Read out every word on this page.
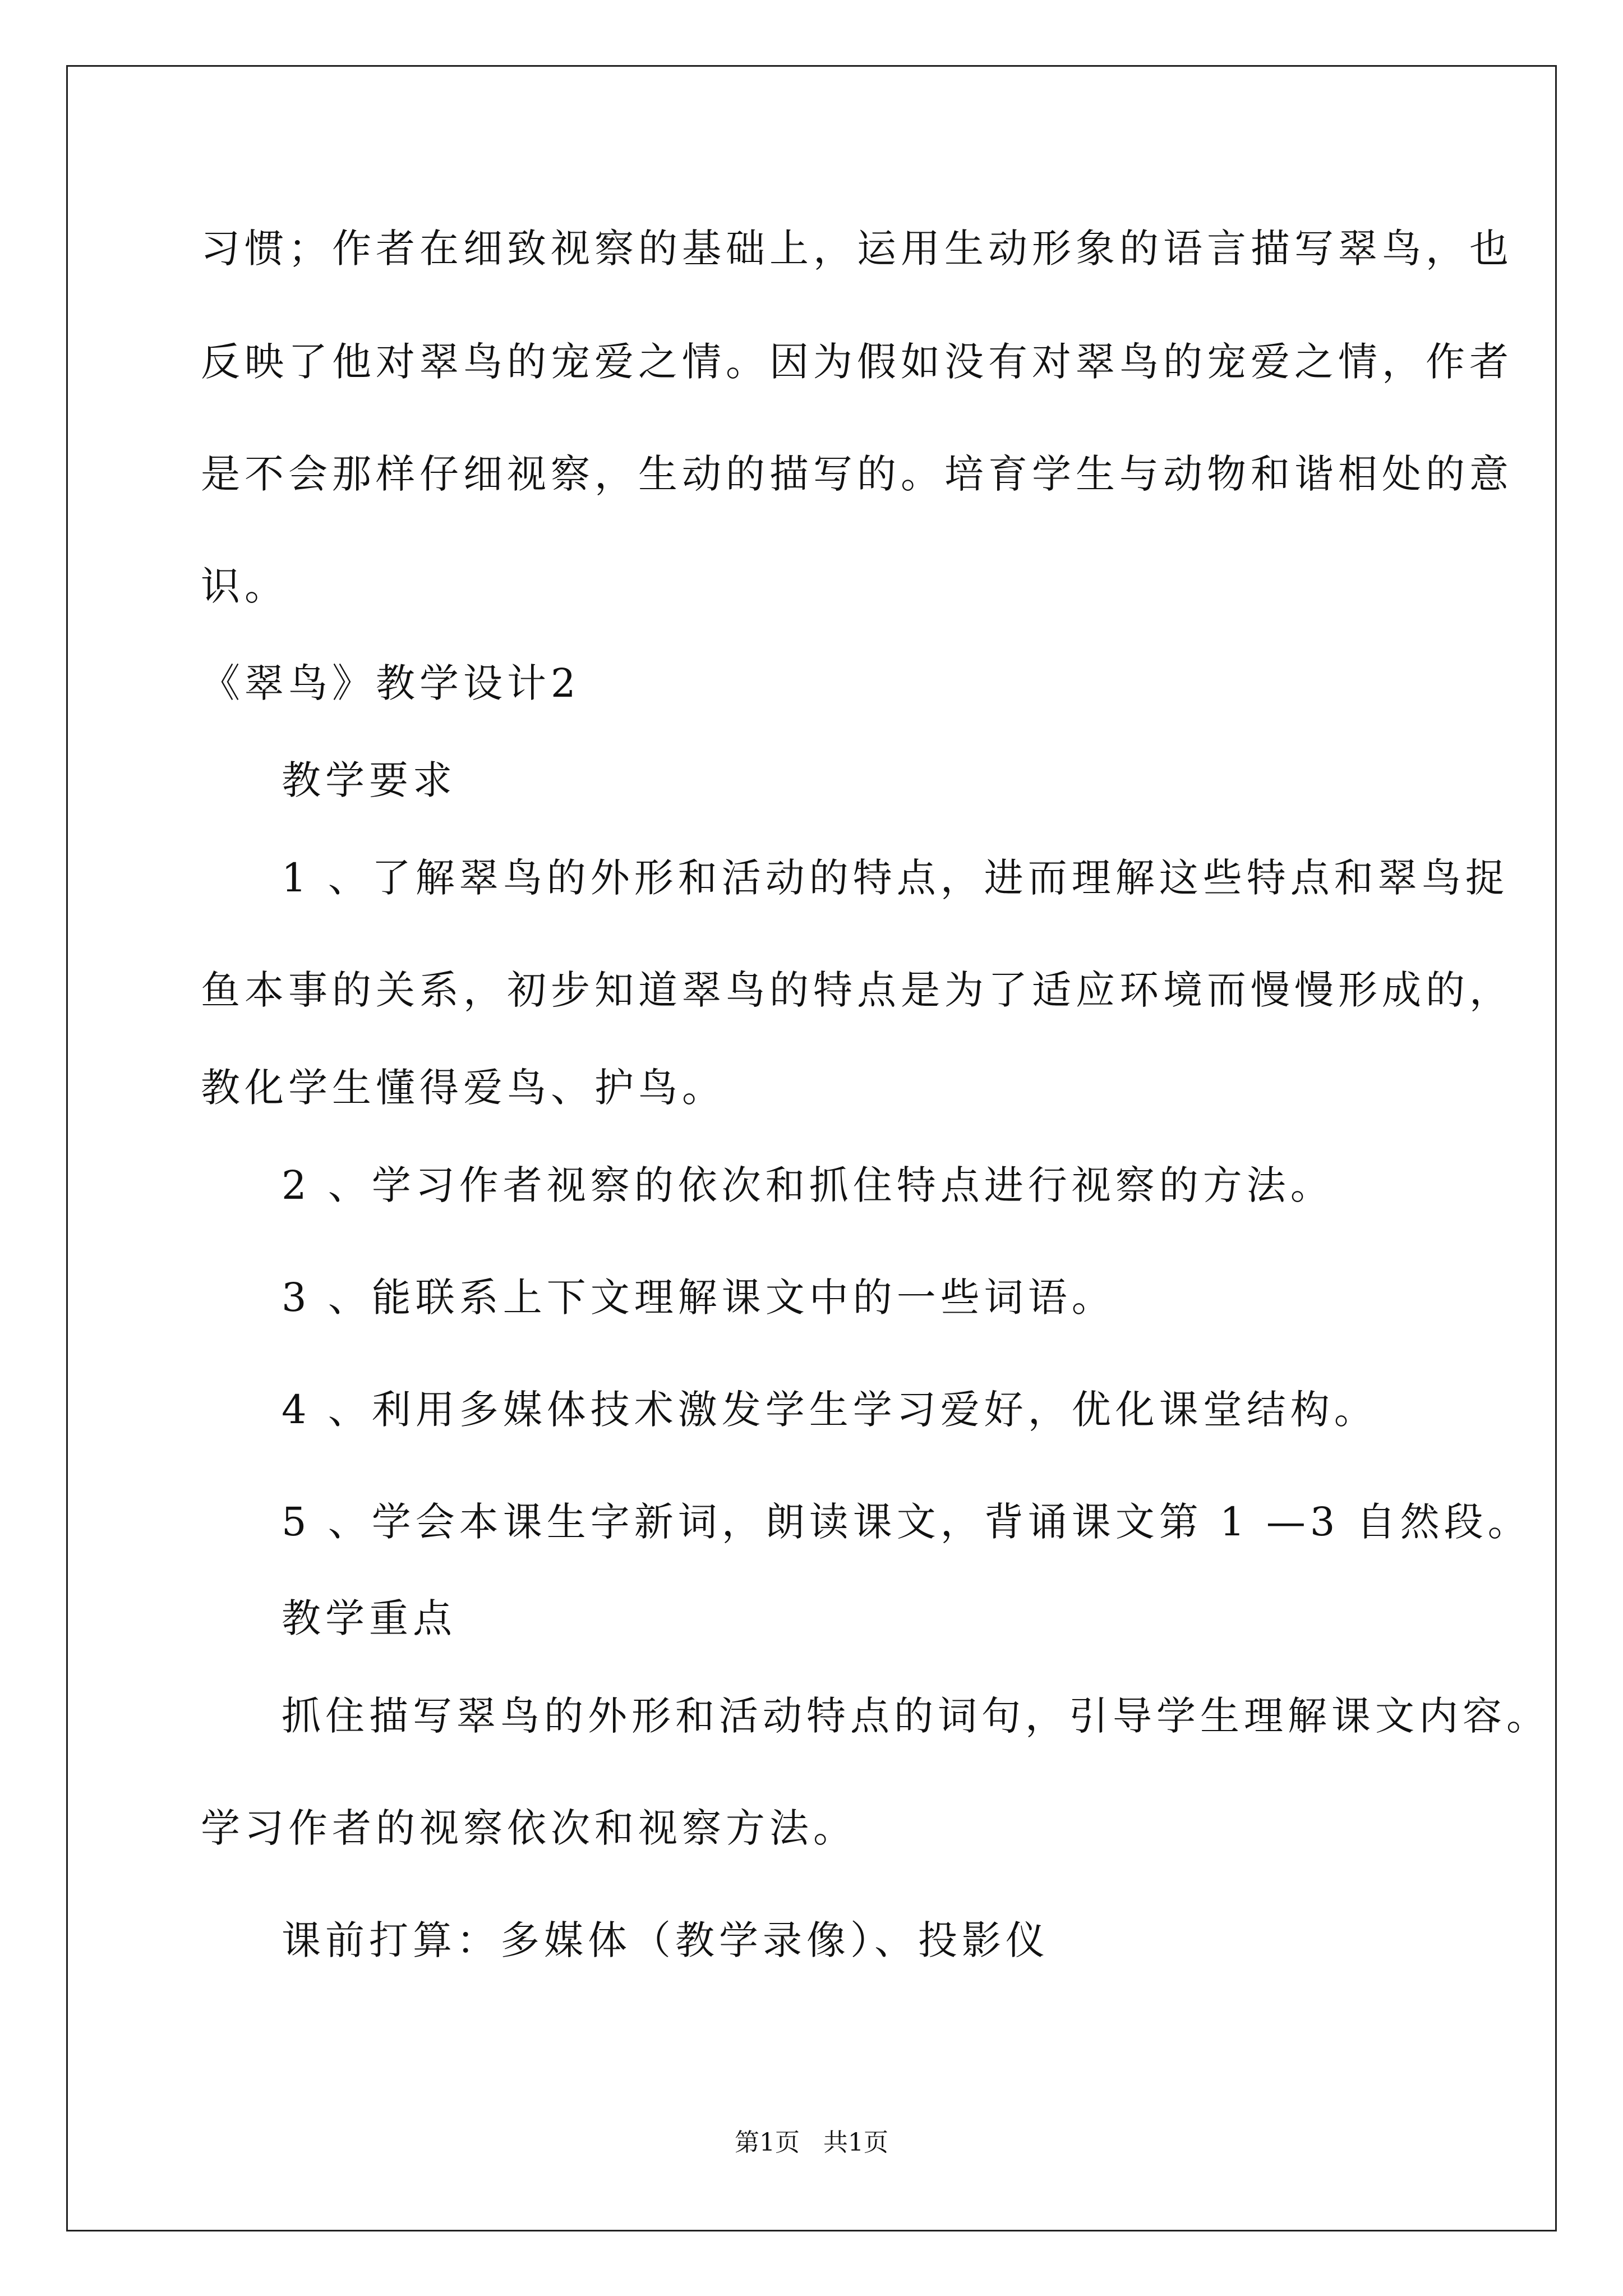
习惯；作者在细致视察的基础上，运用生动形象的语言描写翠鸟，也
反映了他对翠鸟的宠爱之情。因为假如没有对翠鸟的宠爱之情，作者
是不会那样仔细视察，生动的描写的。培育学生与动物和谐相处的意
识。
《翠鸟》教学设计2
教学要求
1 、了解翠鸟的外形和活动的特点，进而理解这些特点和翠鸟捉
鱼本事的关系，初步知道翠鸟的特点是为了适应环境而慢慢形成的，
教化学生懂得爱鸟、护鸟。
2 、学习作者视察的依次和抓住特点进行视察的方法。
3 、能联系上下文理解课文中的一些词语。
4 、利用多媒体技术激发学生学习爱好，优化课堂结构。
5 、学会本课生字新词，朗读课文，背诵课文第 1 —3 自然段。
教学重点
抓住描写翠鸟的外形和活动特点的词句，引导学生理解课文内容。
学习作者的视察依次和视察方法。
课前打算：多媒体（教学录像）、投影仪
第1页 共1页
